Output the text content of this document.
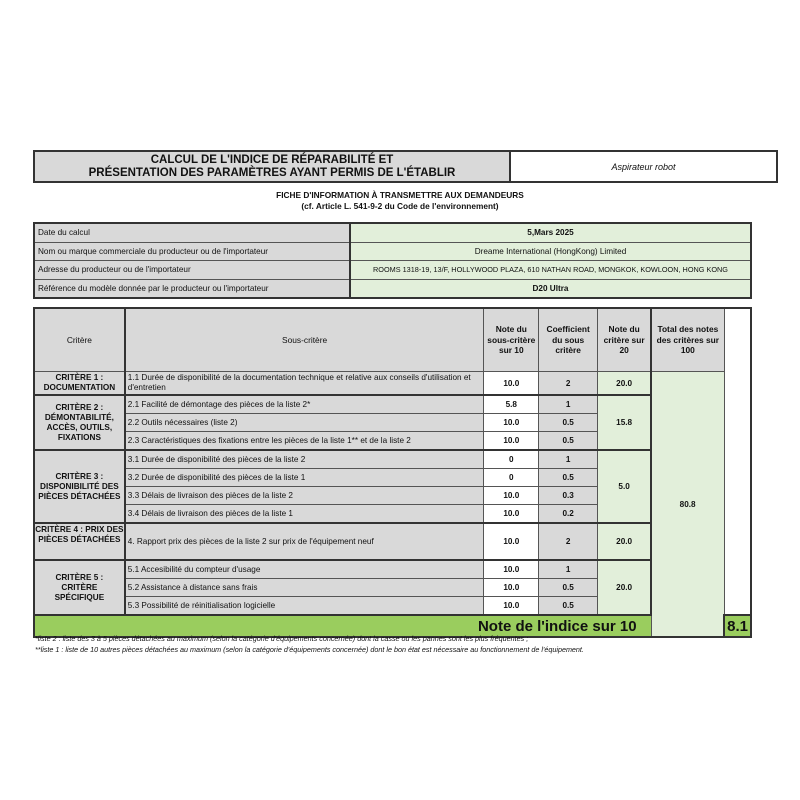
CALCUL DE L'INDICE DE RÉPARABILITÉ ET
PRÉSENTATION DES PARAMÈTRES AYANT PERMIS DE L'ÉTABLIR	Aspirateur robot
FICHE D'INFORMATION À TRANSMETTRE AUX DEMANDEURS
(cf. Article L. 541-9-2 du Code de l'environnement)
Date du calcul	5,Mars 2025
Nom ou marque commerciale du producteur ou de l'importateur	Dreame International (HongKong) Limited
Adresse du producteur ou de l'importateur	ROOMS 1318-19, 13/F, HOLLYWOOD PLAZA, 610 NATHAN ROAD, MONGKOK, KOWLOON, HONG KONG
Référence du modèle donnée par le producteur ou l'importateur	D20 Ultra
Critère	Sous-critère	Note du sous-critère sur 10	Coefficient du sous critère	Note du critère sur 20	Total des notes des critères sur 100	
CRITÈRE 1 : DOCUMENTATION	1.1 Durée de disponibilité de la documentation technique et relative aux conseils d'utilisation et d'entretien	10.0	2	20.0	80.8	
CRITÈRE 2 : DÉMONTABILITÉ, ACCÈS, OUTILS, FIXATIONS	2.1 Facilité de démontage des pièces de la liste 2*	5.8	1	15.8		
	2.2 Outils nécessaires (liste 2)	10.0	0.5			
	2.3 Caractéristiques des fixations entre les pièces de la liste 1** et de la liste 2	10.0	0.5			
CRITÈRE 3 : DISPONIBILITÉ DES PIÈCES DÉTACHÉES	3.1 Durée de disponibilité des pièces de la liste 2	0	1	5.0		
	3.2 Durée de disponibilité des pièces de la liste 1	0	0.5			
	3.3 Délais de livraison des pièces de la liste 2	10.0	0.3			
	3.4 Délais de livraison des pièces de la liste 1	10.0	0.2			

CRITÈRE 4 : PRIX DES PIÈCES DÉTACHÉES	4. Rapport prix des pièces de la liste 2 sur prix de l'équipement neuf	10.0	2	20.0		
CRITÈRE 5 : CRITÈRE SPÉCIFIQUE	5.1 Accesibilité du compteur d'usage	10.0	1	20.0		
	5.2 Assistance à distance sans frais	10.0	0.5			
	5.3 Possibilité de réinitialisation logicielle	10.0	0.5			
Note de l'indice sur 10						8.1
*liste 2 : liste des 3 à 5 pièces détachées au maximum (selon la catégorie d'équipements concernée) dont la casse ou les pannes sont les plus fréquentes ;
**liste 1 : liste de 10 autres pièces détachées au maximum (selon la catégorie d'équipements concernée) dont le bon état est nécessaire au fonctionnement de l'équipement.
